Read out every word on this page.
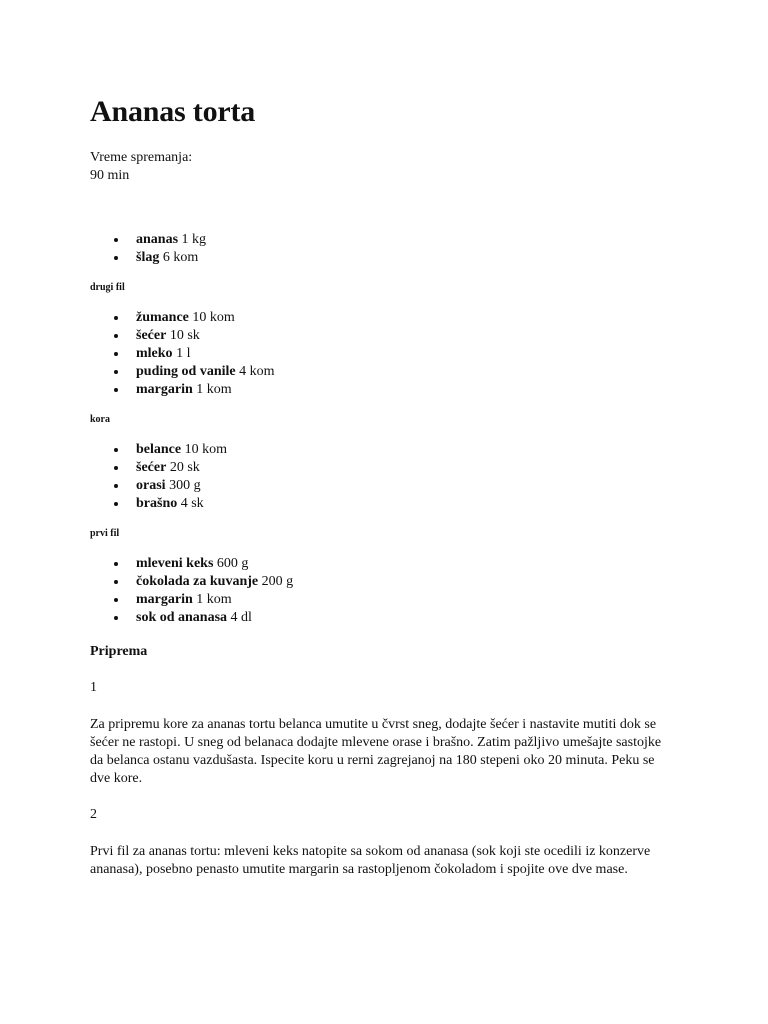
Ananas torta
Vreme spremanja:
90 min
ananas 1 kg
šlag 6 kom
drugi fil
žumance 10 kom
šećer 10 sk
mleko 1 l
puding od vanile 4 kom
margarin 1 kom
kora
belance 10 kom
šećer 20 sk
orasi 300 g
brašno 4 sk
prvi fil
mleveni keks 600 g
čokolada za kuvanje 200 g
margarin 1 kom
sok od ananasa 4 dl
Priprema
1
Za pripremu kore za ananas tortu belanca umutite u čvrst sneg, dodajte šećer i nastavite mutiti dok se šećer ne rastopi. U sneg od belanaca dodajte mlevene orase i brašno. Zatim pažljivo umešajte sastojke da belanca ostanu vazdušasta. Ispecite koru u rerni zagrejanoj na 180 stepeni oko 20 minuta. Peku se dve kore.
2
Prvi fil za ananas tortu: mleveni keks natopite sa sokom od ananasa (sok koji ste ocedili iz konzerve ananasa), posebno penasto umutite margarin sa rastopljenom čokoladom i spojite ove dve mase.
